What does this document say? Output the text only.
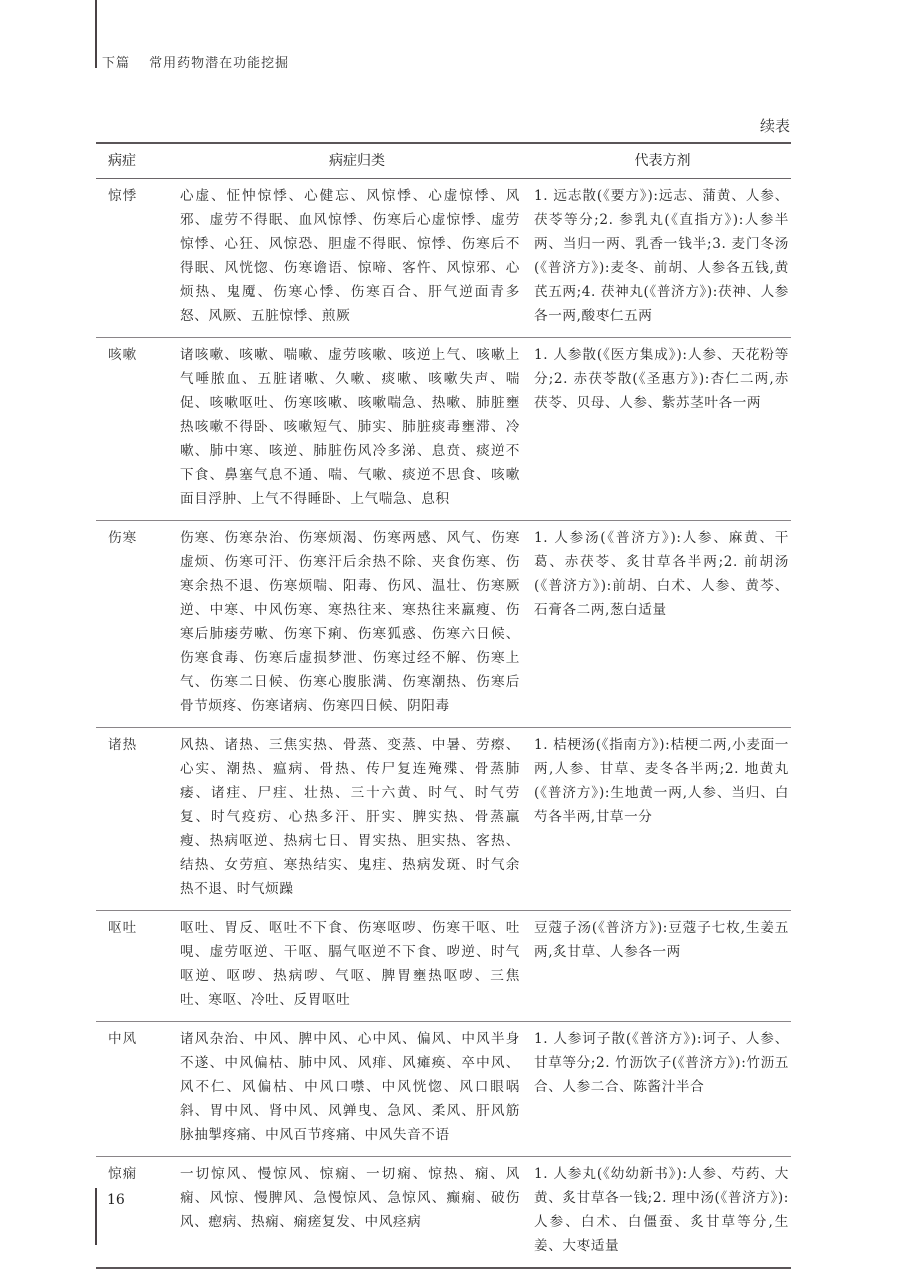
下篇 常用药物潜在功能挖掘
续表
病症	病症归类	代表方剂
惊悸	心虚、怔忡惊悸、心健忘、风惊悸、心虚惊悸、风邪、虚劳不得眠、血风惊悸、伤寒后心虚惊悸、虚劳惊悸、心狂、风惊恐、胆虚不得眠、惊悸、伤寒后不得眠、风恍惚、伤寒谵语、惊啼、客忤、风惊邪、心烦热、鬼魇、伤寒心悸、伤寒百合、肝气逆面青多怒、风厥、五脏惊悸、煎厥	1. 远志散(《要方》):远志、蒲黄、人参、茯苓等分;2. 参乳丸(《直指方》):人参半两、当归一两、乳香一钱半;3. 麦门冬汤(《普济方》):麦冬、前胡、人参各五钱,黄芪五两;4. 茯神丸(《普济方》):茯神、人参各一两,酸枣仁五两
咳嗽	诸咳嗽、咳嗽、喘嗽、虚劳咳嗽、咳逆上气、咳嗽上气唾脓血、五脏诸嗽、久嗽、痰嗽、咳嗽失声、喘促、咳嗽呕吐、伤寒咳嗽、咳嗽喘急、热嗽、肺脏壅热咳嗽不得卧、咳嗽短气、肺实、肺脏痰毒壅滞、冷嗽、肺中寒、咳逆、肺脏伤风冷多涕、息贲、痰逆不下食、鼻塞气息不通、喘、气嗽、痰逆不思食、咳嗽面目浮肿、上气不得睡卧、上气喘急、息积	1. 人参散(《医方集成》):人参、天花粉等分;2. 赤茯苓散(《圣惠方》):杏仁二两,赤茯苓、贝母、人参、紫苏茎叶各一两
伤寒	伤寒、伤寒杂治、伤寒烦渴、伤寒两感、风气、伤寒虚烦、伤寒可汗、伤寒汗后余热不除、夹食伤寒、伤寒余热不退、伤寒烦喘、阳毒、伤风、温壮、伤寒厥逆、中寒、中风伤寒、寒热往来、寒热往来羸瘦、伤寒后肺痿劳嗽、伤寒下痢、伤寒狐惑、伤寒六日候、伤寒食毒、伤寒后虚损梦泄、伤寒过经不解、伤寒上气、伤寒二日候、伤寒心腹胀满、伤寒潮热、伤寒后骨节烦疼、伤寒诸病、伤寒四日候、阴阳毒	1. 人参汤(《普济方》):人参、麻黄、干葛、赤茯苓、炙甘草各半两;2. 前胡汤(《普济方》):前胡、白术、人参、黄芩、石膏各二两,葱白适量
诸热	风热、诸热、三焦实热、骨蒸、变蒸、中暑、劳瘵、心实、潮热、瘟病、骨热、传尸复连殗殜、骨蒸肺痿、诸疰、尸疰、壮热、三十六黄、时气、时气劳复、时气疫疠、心热多汗、肝实、脾实热、骨蒸羸瘦、热病呕逆、热病七日、胃实热、胆实热、客热、结热、女劳疸、寒热结实、鬼疰、热病发斑、时气余热不退、时气烦躁	1. 桔梗汤(《指南方》):桔梗二两,小麦面一两,人参、甘草、麦冬各半两;2. 地黄丸(《普济方》):生地黄一两,人参、当归、白芍各半两,甘草一分
呕吐	呕吐、胃反、呕吐不下食、伤寒呕哕、伤寒干呕、吐哯、虚劳呕逆、干呕、膈气呕逆不下食、哕逆、时气呕逆、呕哕、热病哕、气呕、脾胃壅热呕哕、三焦吐、寒呕、冷吐、反胃呕吐	豆蔻子汤(《普济方》):豆蔻子七枚,生姜五两,炙甘草、人参各一两
中风	诸风杂治、中风、脾中风、心中风、偏风、中风半身不遂、中风偏枯、肺中风、风痱、风瘫痪、卒中风、风不仁、风偏枯、中风口噤、中风恍惚、风口眼㖞斜、胃中风、肾中风、风亸曳、急风、柔风、肝风筋脉抽掣疼痛、中风百节疼痛、中风失音不语	1. 人参诃子散(《普济方》):诃子、人参、甘草等分;2. 竹沥饮子(《普济方》):竹沥五合、人参二合、陈酱汁半合
惊痫	一切惊风、慢惊风、惊痫、一切痫、惊热、痫、风痫、风惊、慢脾风、急慢惊风、急惊风、癫痫、破伤风、瘛病、热痫、痫瘥复发、中风痉病	1. 人参丸(《幼幼新书》):人参、芍药、大黄、炙甘草各一钱;2. 理中汤(《普济方》):人参、白术、白僵蚕、炙甘草等分,生姜、大枣适量
16
